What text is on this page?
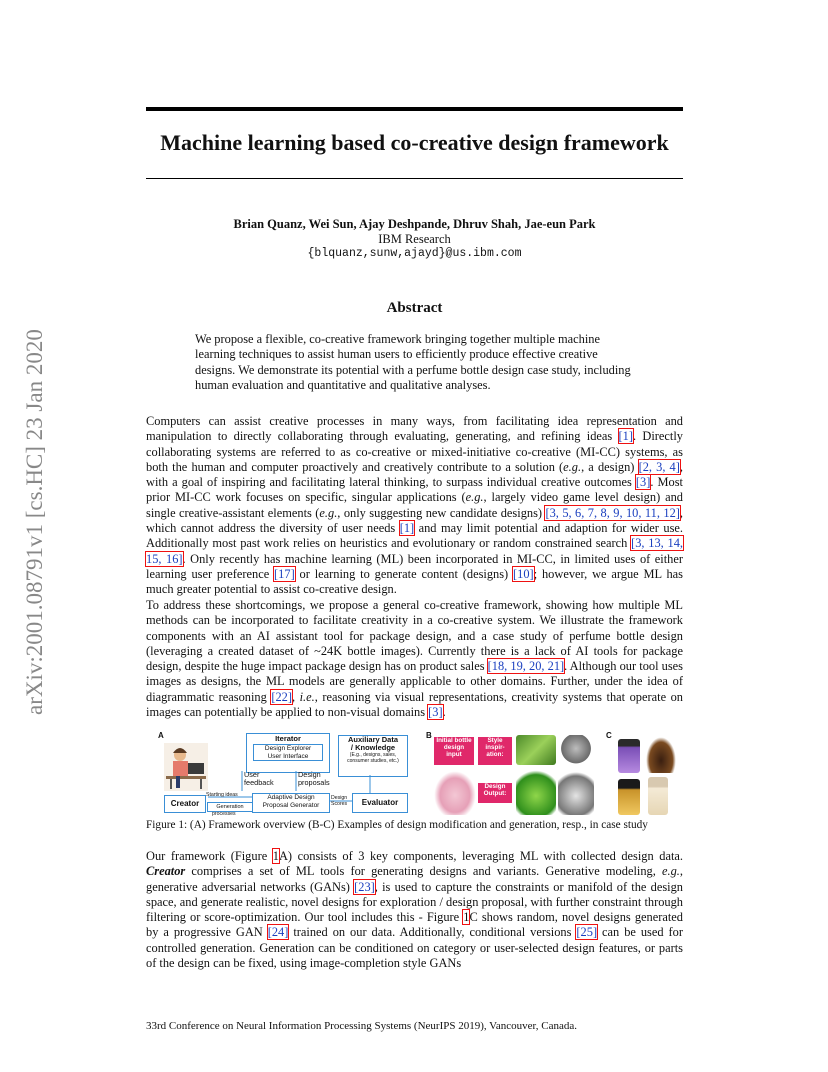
arXiv:2001.08791v1 [cs.HC] 23 Jan 2020
Machine learning based co-creative design framework
Brian Quanz, Wei Sun, Ajay Deshpande, Dhruv Shah, Jae-eun Park
IBM Research
{blquanz,sunw,ajayd}@us.ibm.com
Abstract
We propose a flexible, co-creative framework bringing together multiple machine learning techniques to assist human users to efficiently produce effective creative designs. We demonstrate its potential with a perfume bottle design case study, including human evaluation and quantitative and qualitative analyses.
Computers can assist creative processes in many ways, from facilitating idea representation and manipulation to directly collaborating through evaluating, generating, and refining ideas [1]. Directly collaborating systems are referred to as co-creative or mixed-initiative co-creative (MI-CC) systems, as both the human and computer proactively and creatively contribute to a solution (e.g., a design) [2, 3, 4], with a goal of inspiring and facilitating lateral thinking, to surpass individual creative outcomes [3]. Most prior MI-CC work focuses on specific, singular applications (e.g., largely video game level design) and single creative-assistant elements (e.g., only suggesting new candidate designs) [3, 5, 6, 7, 8, 9, 10, 11, 12], which cannot address the diversity of user needs [1] and may limit potential and adaption for wider use. Additionally most past work relies on heuristics and evolutionary or random constrained search [3, 13, 14, 15, 16]. Only recently has machine learning (ML) been incorporated in MI-CC, in limited uses of either learning user preference [17] or learning to generate content (designs) [10]; however, we argue ML has much greater potential to assist co-creative design.
To address these shortcomings, we propose a general co-creative framework, showing how multiple ML methods can be incorporated to facilitate creativity in a co-creative system. We illustrate the framework components with an AI assistant tool for package design, and a case study of perfume bottle design (leveraging a created dataset of ~24K bottle images). Currently there is a lack of AI tools for package design, despite the huge impact package design has on product sales [18, 19, 20, 21]. Although our tool uses images as designs, the ML models are generally applicable to other domains. Further, under the idea of diagrammatic reasoning [22], i.e., reasoning via visual representations, creativity systems that operate on images can potentially be applied to non-visual domains [3].
A	B	C
Iterator
Design Explorer
User Interface
Auxiliary Data
/ Knowledge
(E.g., designs, sales,
consumer studies, etc.)
User
feedback
Design
proposals
Starting ideas	Adaptive Design
Proposal Generator
Design
Scores
Creator	Generation
processes
Evaluator
Initial bottle
design
input
Style
inspir-
ation:
Design
Output:
Figure 1: (A) Framework overview (B-C) Examples of design modification and generation, resp., in case study
Our framework (Figure 1A) consists of 3 key components, leveraging ML with collected design data. Creator comprises a set of ML tools for generating designs and variants. Generative modeling, e.g., generative adversarial networks (GANs) [23], is used to capture the constraints or manifold of the design space, and generate realistic, novel designs for exploration / design proposal, with further constraint through filtering or score-optimization. Our tool includes this - Figure 1C shows random, novel designs generated by a progressive GAN [24] trained on our data. Additionally, conditional versions [25] can be used for controlled generation. Generation can be conditioned on category or user-selected design features, or parts of the design can be fixed, using image-completion style GANs
33rd Conference on Neural Information Processing Systems (NeurIPS 2019), Vancouver, Canada.
